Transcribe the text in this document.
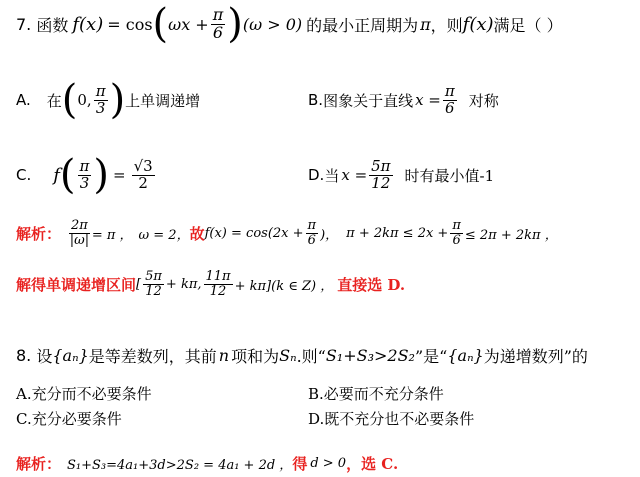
7.
函数 f(x) = cos ( $\omega x + \frac{\pi}{6}$ ) (ω > 0) 的最小正周期为 π ，则 f(x) 满足（ ）
A. 在 ( 0, $\frac{\pi}{3}$ ) 上单调递增	B. 图象关于直线 $x = \frac{\pi}{6}$ 对称
C. f ( $\frac{\pi}{3}$ ) = $\frac{√3}{2}$	D. 当 $x = \frac{5\pi}{12}$ 时有最小值-1
解析： $\frac{2\pi}{|\omega|} = \pi$ ， ω = 2， 故 $f(x) = \cos(2x + \frac{\pi}{6}$ )， $\pi + 2k\pi \le 2x + \frac{\pi}{6} \le 2\pi + 2k\pi$ ，
解得单调递增区间 [ $\frac{5\pi}{12} + k\pi$, $\frac{11\pi}{12} + k\pi](k$ ∈ Z) ， 直接选 D.
8.
设 {aₙ} 是等差数列，其前 n 项和为 Sₙ .则“ S₁+S₃>2S₂ ”是“ {aₙ} 为递增数列”的
A.充分而不必要条件	B.必要而不充分条件
C.充分必要条件	D.既不充分也不必要条件
解析： S₁+S₃=4a₁+3d>2S₂ = 4a₁ + 2d ， 得 d > 0 ，选 C.
